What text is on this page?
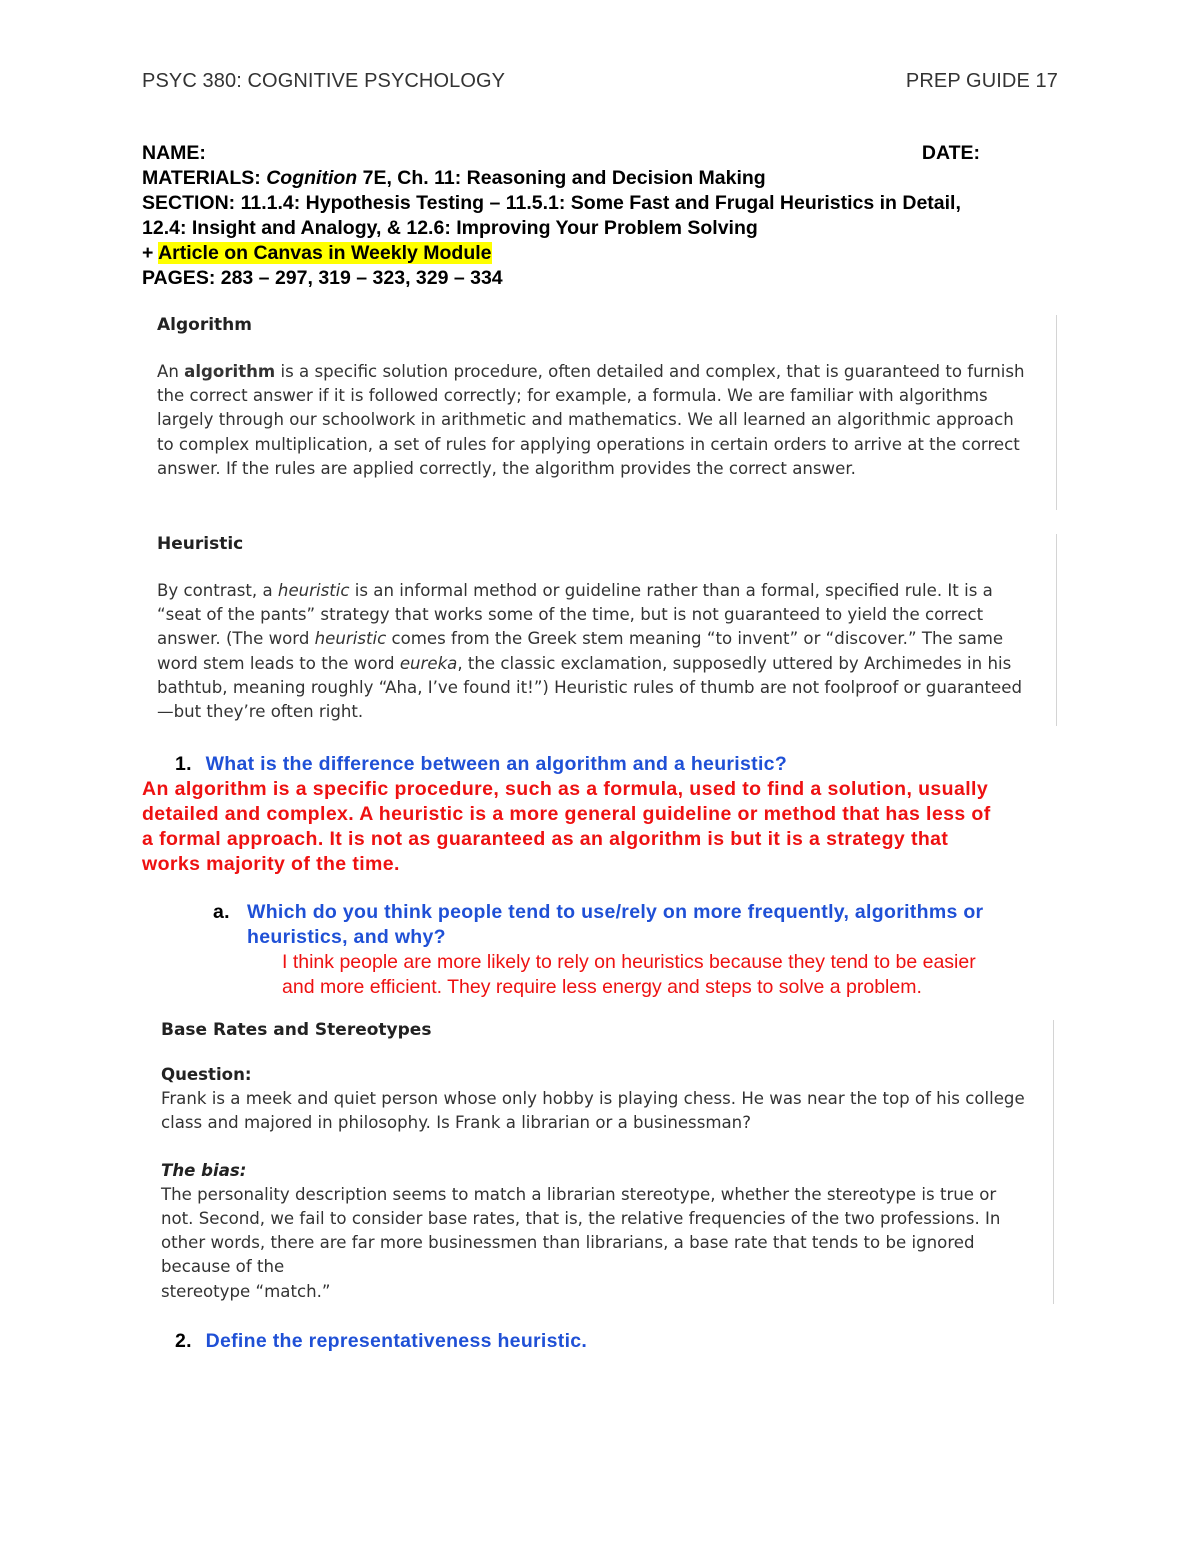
PSYC 380: COGNITIVE PSYCHOLOGY	PREP GUIDE 17
NAME:	DATE:
MATERIALS: Cognition 7E, Ch. 11: Reasoning and Decision Making
SECTION: 11.1.4: Hypothesis Testing – 11.5.1: Some Fast and Frugal Heuristics in Detail,
12.4: Insight and Analogy, & 12.6: Improving Your Problem Solving
+ Article on Canvas in Weekly Module
PAGES: 283 – 297, 319 – 323, 329 – 334
Algorithm
An algorithm is a specific solution procedure, often detailed and complex, that is guaranteed to furnish the correct answer if it is followed correctly; for example, a formula. We are familiar with algorithms largely through our schoolwork in arithmetic and mathematics. We all learned an algorithmic approach to complex multiplication, a set of rules for applying operations in certain orders to arrive at the correct answer. If the rules are applied correctly, the algorithm provides the correct answer.
Heuristic
By contrast, a heuristic is an informal method or guideline rather than a formal, specified rule. It is a “seat of the pants” strategy that works some of the time, but is not guaranteed to yield the correct answer. (The word heuristic comes from the Greek stem meaning “to invent” or “discover.” The same word stem leads to the word eureka, the classic exclamation, supposedly uttered by Archimedes in his bathtub, meaning roughly “Aha, I’ve found it!”) Heuristic rules of thumb are not foolproof or guaranteed—but they’re often right.
1. What is the difference between an algorithm and a heuristic?
An algorithm is a specific procedure, such as a formula, used to find a solution, usually
detailed and complex. A heuristic is a more general guideline or method that has less of
a formal approach. It is not as guaranteed as an algorithm is but it is a strategy that
works majority of the time.
a. Which do you think people tend to use/rely on more frequently, algorithms or
heuristics, and why?
I think people are more likely to rely on heuristics because they tend to be easier
and more efficient. They require less energy and steps to solve a problem.
Base Rates and Stereotypes
Question:
Frank is a meek and quiet person whose only hobby is playing chess. He was near the top of his college class and majored in philosophy. Is Frank a librarian or a businessman?
The bias:
The personality description seems to match a librarian stereotype, whether the stereotype is true or not. Second, we fail to consider base rates, that is, the relative frequencies of the two professions. In other words, there are far more businessmen than librarians, a base rate that tends to be ignored because of the
stereotype “match.”
2. Define the representativeness heuristic.
